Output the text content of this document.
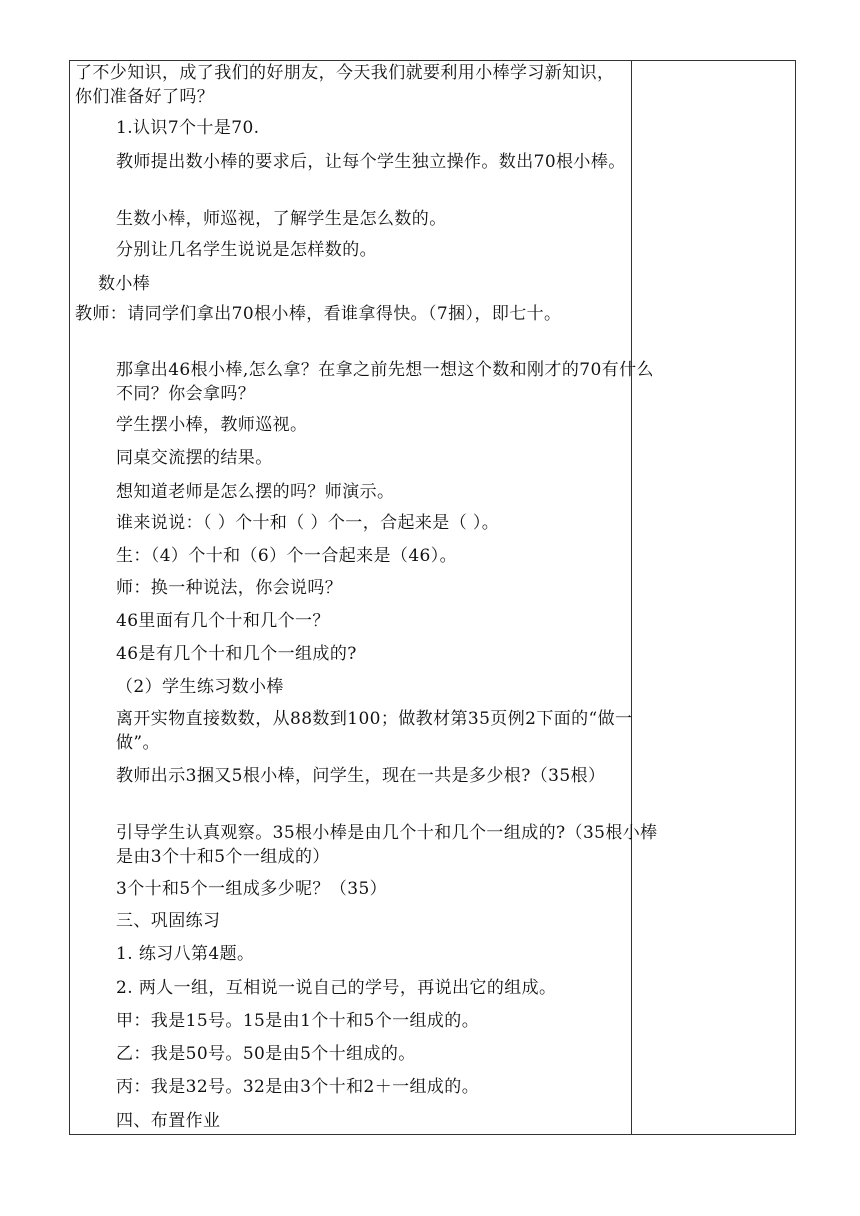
了不少知识，成了我们的好朋友，今天我们就要利用小棒学习新知识，你们准备好了吗？

1.认识7个十是70.

教师提出数小棒的要求后，让每个学生独立操作。数出70根小棒。

生数小棒，师巡视，了解学生是怎么数的。

分别让几名学生说说是怎样数的。

数小棒

教师：请同学们拿出70根小棒，看谁拿得快。（7捆），即七十。

那拿出46根小棒,怎么拿？在拿之前先想一想这个数和刚才的70有什么不同？你会拿吗？

学生摆小棒，教师巡视。

同桌交流摆的结果。

想知道老师是怎么摆的吗？师演示。

谁来说说：（ ）个十和（ ）个一，合起来是（ ）。

生：（4）个十和（6）个一合起来是（46）。

师：换一种说法，你会说吗？

46里面有几个十和几个一？

46是有几个十和几个一组成的?

（2）学生练习数小棒

离开实物直接数数，从88数到100；做教材第35页例2下面的“做一做”。

教师出示3捆又5根小棒，问学生，现在一共是多少根?（35根）

引导学生认真观察。35根小棒是由几个十和几个一组成的?（35根小棒是由3个十和5个一组成的）

3个十和5个一组成多少呢？（35）

三、巩固练习

1. 练习八第4题。

2. 两人一组，互相说一说自己的学号，再说出它的组成。

甲：我是15号。15是由1个十和5个一组成的。

乙：我是50号。50是由5个十组成的。

丙：我是32号。32是由3个十和2＋一组成的。

四、布置作业
